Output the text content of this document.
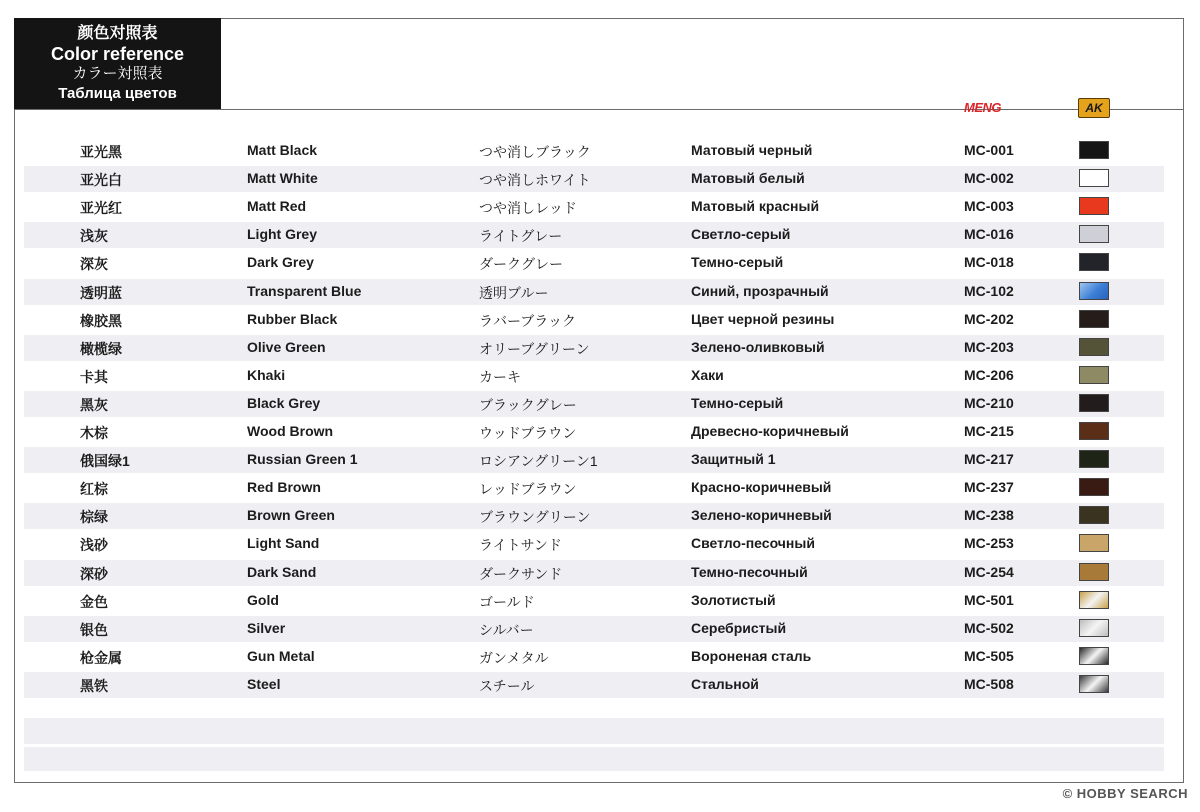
颜色对照表
Color reference
カラー対照表
Таблица цветов
MENG	AK
亚光黑	Matt Black	つや消しブラック	Матовый черный	MC-001
亚光白	Matt White	つや消しホワイト	Матовый белый	MC-002
亚光红	Matt Red	つや消しレッド	Матовый красный	MC-003
浅灰	Light Grey	ライトグレー	Светло-серый	MC-016
深灰	Dark Grey	ダークグレー	Темно-серый	MC-018
透明蓝	Transparent Blue	透明ブルー	Синий, прозрачный	MC-102
橡胶黑	Rubber Black	ラバーブラック	Цвет черной резины	MC-202
橄榄绿	Olive Green	オリーブグリーン	Зелено-оливковый	MC-203
卡其	Khaki	カーキ	Хаки	MC-206
黑灰	Black Grey	ブラックグレー	Темно-серый	MC-210
木棕	Wood Brown	ウッドブラウン	Древесно-коричневый	MC-215
俄国绿1	Russian Green 1	ロシアングリーン1	Защитный 1	MC-217
红棕	Red Brown	レッドブラウン	Красно-коричневый	MC-237
棕绿	Brown Green	ブラウングリーン	Зелено-коричневый	MC-238
浅砂	Light Sand	ライトサンド	Светло-песочный	MC-253
深砂	Dark Sand	ダークサンド	Темно-песочный	MC-254
金色	Gold	ゴールド	Золотистый	MC-501
银色	Silver	シルバー	Серебристый	MC-502
枪金属	Gun Metal	ガンメタル	Вороненая сталь	MC-505
黑铁	Steel	スチール	Стальной	MC-508
© HOBBY SEARCH
